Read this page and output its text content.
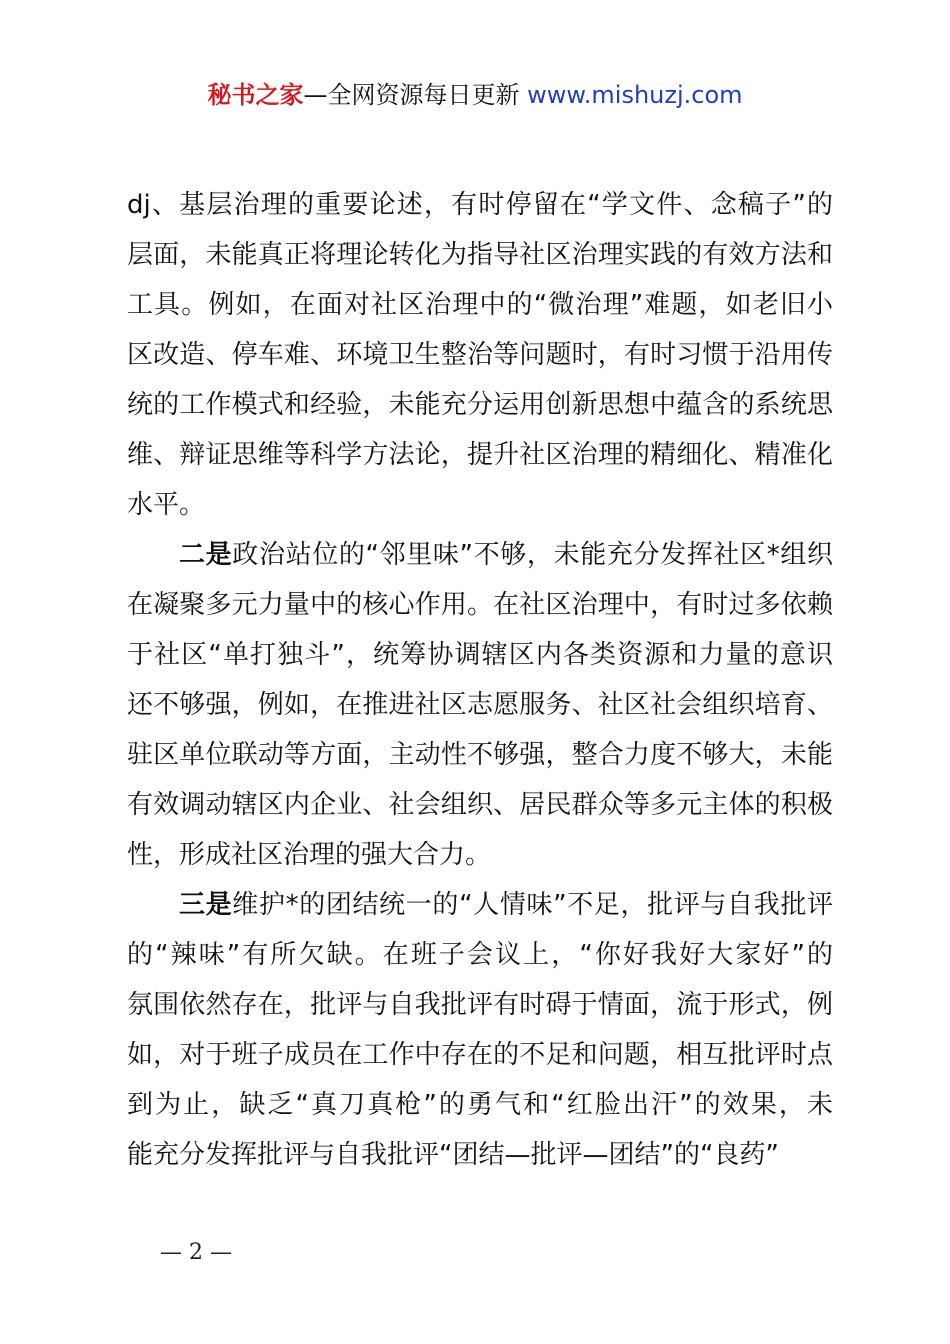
秘书之家—全网资源每日更新 www.mishuzj.com
dj、基层治理的重要论述，有时停留在“学文件、念稿子”的
层面，未能真正将理论转化为指导社区治理实践的有效方法和
工具。例如，在面对社区治理中的“微治理”难题，如老旧小
区改造、停车难、环境卫生整治等问题时，有时习惯于沿用传
统的工作模式和经验，未能充分运用创新思想中蕴含的系统思
维、辩证思维等科学方法论，提升社区治理的精细化、精准化
水平。
二是政治站位的“邻里味”不够，未能充分发挥社区*组织
在凝聚多元力量中的核心作用。在社区治理中，有时过多依赖
于社区“单打独斗”，统筹协调辖区内各类资源和力量的意识
还不够强，例如，在推进社区志愿服务、社区社会组织培育、
驻区单位联动等方面，主动性不够强，整合力度不够大，未能
有效调动辖区内企业、社会组织、居民群众等多元主体的积极
性，形成社区治理的强大合力。
三是维护*的团结统一的“人情味”不足，批评与自我批评
的“辣味”有所欠缺。在班子会议上，“你好我好大家好”的
氛围依然存在，批评与自我批评有时碍于情面，流于形式，例
如，对于班子成员在工作中存在的不足和问题，相互批评时点
到为止，缺乏“真刀真枪”的勇气和“红脸出汗”的效果，未
能充分发挥批评与自我批评“团结—批评—团结”的“良药”
— 2 —
